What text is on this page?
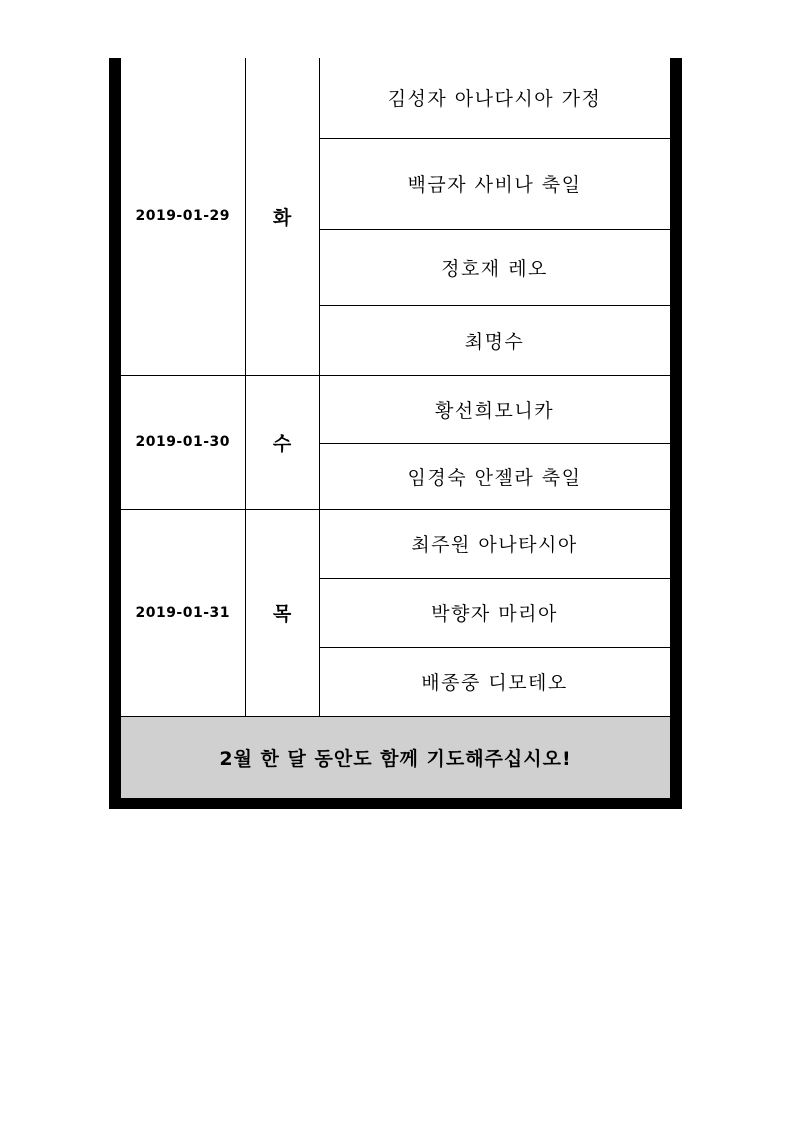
2019-01-29	화	김성자 아나다시아 가정
		백금자 사비나 축일
		정호재 레오
		최명수
2019-01-30	수	황선희모니카
		임경숙 안젤라 축일
2019-01-31	목	최주원 아나타시아
		박향자 마리아
		배종중 디모테오
2월 한 달 동안도 함께 기도해주십시오!
